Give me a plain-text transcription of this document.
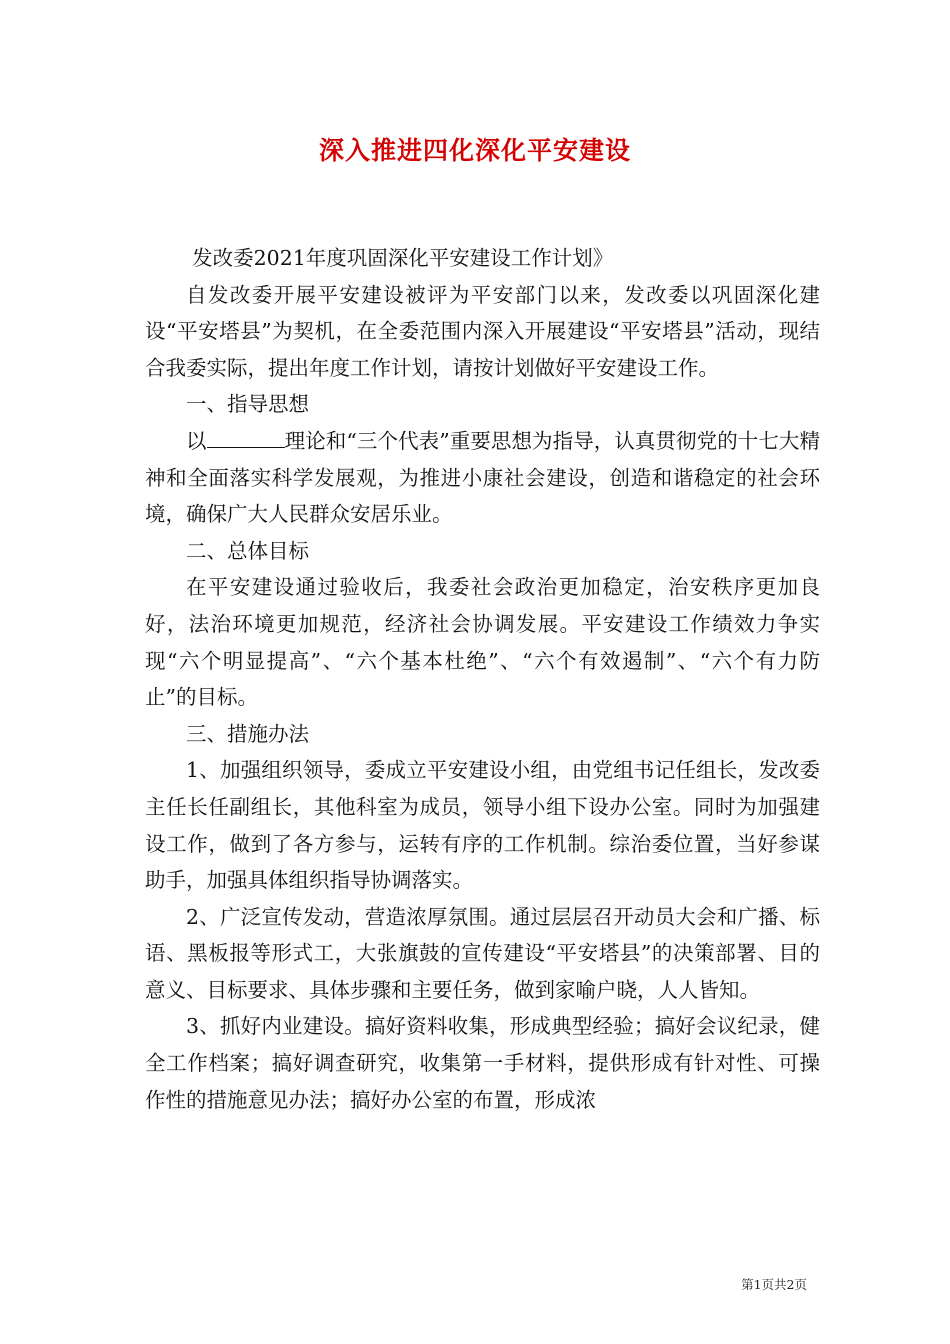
深入推进四化深化平安建设

发改委2021年度巩固深化平安建设工作计划》

自发改委开展平安建设被评为平安部门以来，发改委以巩固深化建设“平安塔县”为契机，在全委范围内深入开展建设“平安塔县”活动，现结合我委实际，提出年度工作计划，请按计划做好平安建设工作。

一、指导思想

以	理论和“三个代表”重要思想为指导，认真贯彻党的十七大精神和全面落实科学发展观，为推进小康社会建设，创造和谐稳定的社会环境，确保广大人民群众安居乐业。

二、总体目标

在平安建设通过验收后，我委社会政治更加稳定，治安秩序更加良好，法治环境更加规范，经济社会协调发展。平安建设工作绩效力争实现“六个明显提高”、“六个基本杜绝”、“六个有效遏制”、“六个有力防止”的目标。

三、措施办法

1、加强组织领导，委成立平安建设小组，由党组书记任组长，发改委主任长任副组长，其他科室为成员，领导小组下设办公室。同时为加强建设工作，做到了各方参与，运转有序的工作机制。综治委位置，当好参谋助手，加强具体组织指导协调落实。

2、广泛宣传发动，营造浓厚氛围。通过层层召开动员大会和广播、标语、黑板报等形式工，大张旗鼓的宣传建设“平安塔县”的决策部署、目的意义、目标要求、具体步骤和主要任务，做到家喻户晓，人人皆知。

3、抓好内业建设。搞好资料收集，形成典型经验；搞好会议纪录，健全工作档案；搞好调查研究，收集第一手材料，提供形成有针对性、可操作性的措施意见办法；搞好办公室的布置，形成浓

第1页共2页
